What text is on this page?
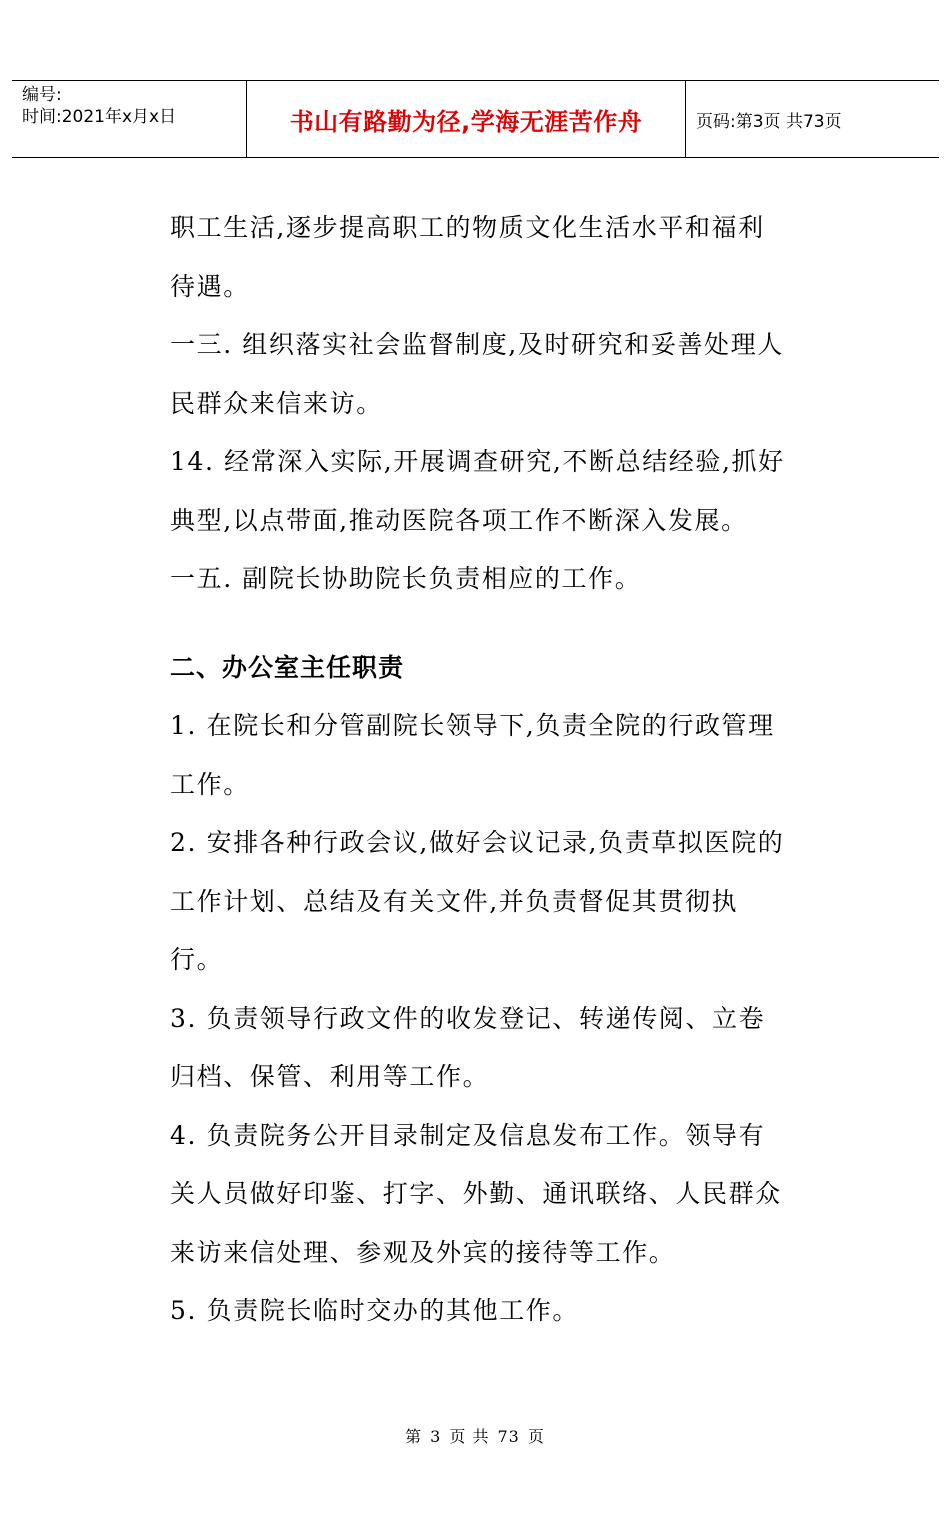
编号:
时间:2021年x月x日	书山有路勤为径,学海无涯苦作舟	页码:第3页 共73页

职工生活,逐步提高职工的物质文化生活水平和福利待遇。

一三. 组织落实社会监督制度,及时研究和妥善处理人民群众来信来访。

14. 经常深入实际,开展调查研究,不断总结经验,抓好典型,以点带面,推动医院各项工作不断深入发展。

一五. 副院长协助院长负责相应的工作。

二、办公室主任职责

1. 在院长和分管副院长领导下,负责全院的行政管理工作。

2. 安排各种行政会议,做好会议记录,负责草拟医院的工作计划、总结及有关文件,并负责督促其贯彻执行。

3. 负责领导行政文件的收发登记、转递传阅、立卷归档、保管、利用等工作。

4. 负责院务公开目录制定及信息发布工作。领导有关人员做好印鉴、打字、外勤、通讯联络、人民群众来访来信处理、参观及外宾的接待等工作。

5. 负责院长临时交办的其他工作。

第 3 页 共 73 页
